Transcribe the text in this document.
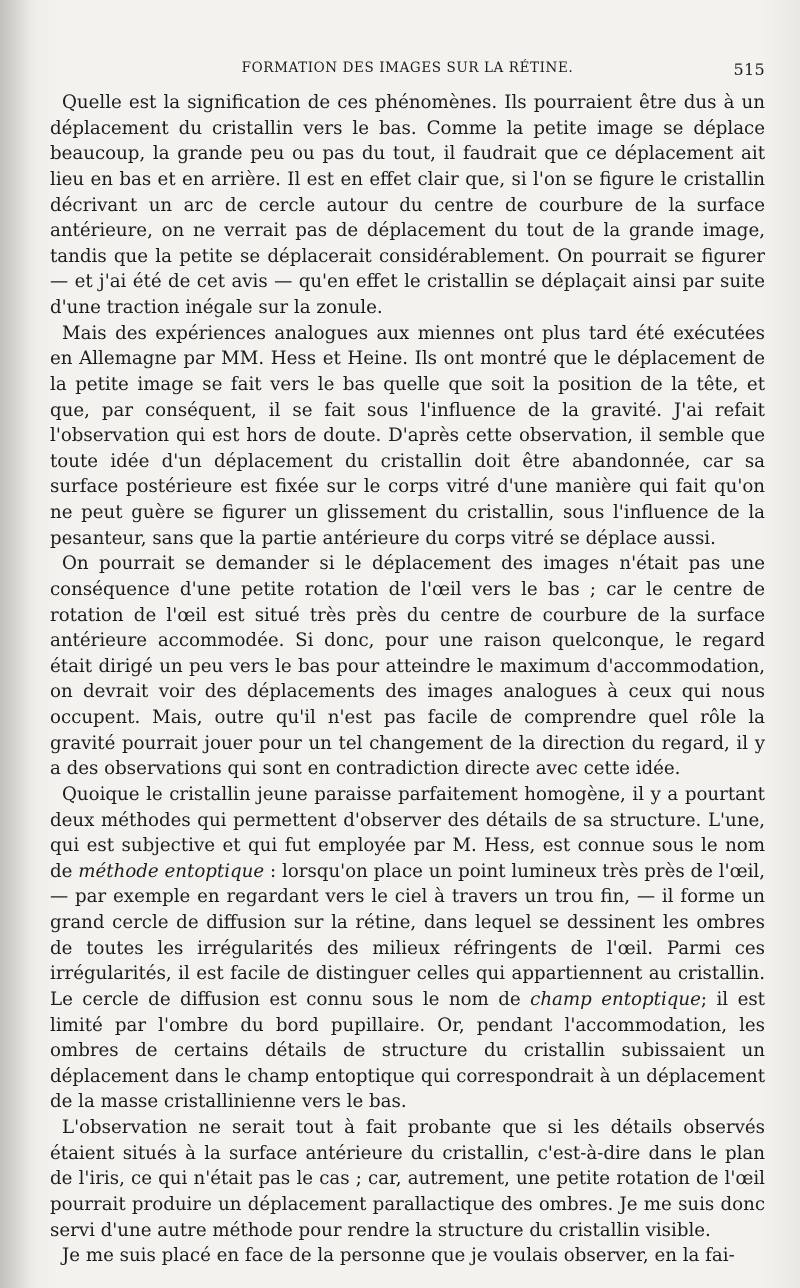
FORMATION DES IMAGES SUR LA RÉTINE.	515

Quelle est la signification de ces phénomènes. Ils pourraient être dus à un déplacement du cristallin vers le bas. Comme la petite image se déplace beaucoup, la grande peu ou pas du tout, il faudrait que ce déplacement ait lieu en bas et en arrière. Il est en effet clair que, si l'on se figure le cristallin décrivant un arc de cercle autour du centre de courbure de la surface antérieure, on ne verrait pas de déplacement du tout de la grande image, tandis que la petite se déplacerait considérablement. On pourrait se figurer — et j'ai été de cet avis — qu'en effet le cristallin se déplaçait ainsi par suite d'une traction inégale sur la zonule.

Mais des expériences analogues aux miennes ont plus tard été exécutées en Allemagne par MM. Hess et Heine. Ils ont montré que le déplacement de la petite image se fait vers le bas quelle que soit la position de la tête, et que, par conséquent, il se fait sous l'influence de la gravité. J'ai refait l'observation qui est hors de doute. D'après cette observation, il semble que toute idée d'un déplacement du cristallin doit être abandonnée, car sa surface postérieure est fixée sur le corps vitré d'une manière qui fait qu'on ne peut guère se figurer un glissement du cristallin, sous l'influence de la pesanteur, sans que la partie antérieure du corps vitré se déplace aussi.

On pourrait se demander si le déplacement des images n'était pas une conséquence d'une petite rotation de l'œil vers le bas ; car le centre de rotation de l'œil est situé très près du centre de courbure de la surface antérieure accommodée. Si donc, pour une raison quelconque, le regard était dirigé un peu vers le bas pour atteindre le maximum d'accommodation, on devrait voir des déplacements des images analogues à ceux qui nous occupent. Mais, outre qu'il n'est pas facile de comprendre quel rôle la gravité pourrait jouer pour un tel changement de la direction du regard, il y a des observations qui sont en contradiction directe avec cette idée.

Quoique le cristallin jeune paraisse parfaitement homogène, il y a pourtant deux méthodes qui permettent d'observer des détails de sa structure. L'une, qui est subjective et qui fut employée par M. Hess, est connue sous le nom de méthode entoptique : lorsqu'on place un point lumineux très près de l'œil, — par exemple en regardant vers le ciel à travers un trou fin, — il forme un grand cercle de diffusion sur la rétine, dans lequel se dessinent les ombres de toutes les irrégularités des milieux réfringents de l'œil. Parmi ces irrégularités, il est facile de distinguer celles qui appartiennent au cristallin. Le cercle de diffusion est connu sous le nom de champ entoptique; il est limité par l'ombre du bord pupillaire. Or, pendant l'accommodation, les ombres de certains détails de structure du cristallin subissaient un déplacement dans le champ entoptique qui correspondrait à un déplacement de la masse cristallinienne vers le bas.

L'observation ne serait tout à fait probante que si les détails observés étaient situés à la surface antérieure du cristallin, c'est-à-dire dans le plan de l'iris, ce qui n'était pas le cas ; car, autrement, une petite rotation de l'œil pourrait produire un déplacement parallactique des ombres. Je me suis donc servi d'une autre méthode pour rendre la structure du cristallin visible.

Je me suis placé en face de la personne que je voulais observer, en la fai-
